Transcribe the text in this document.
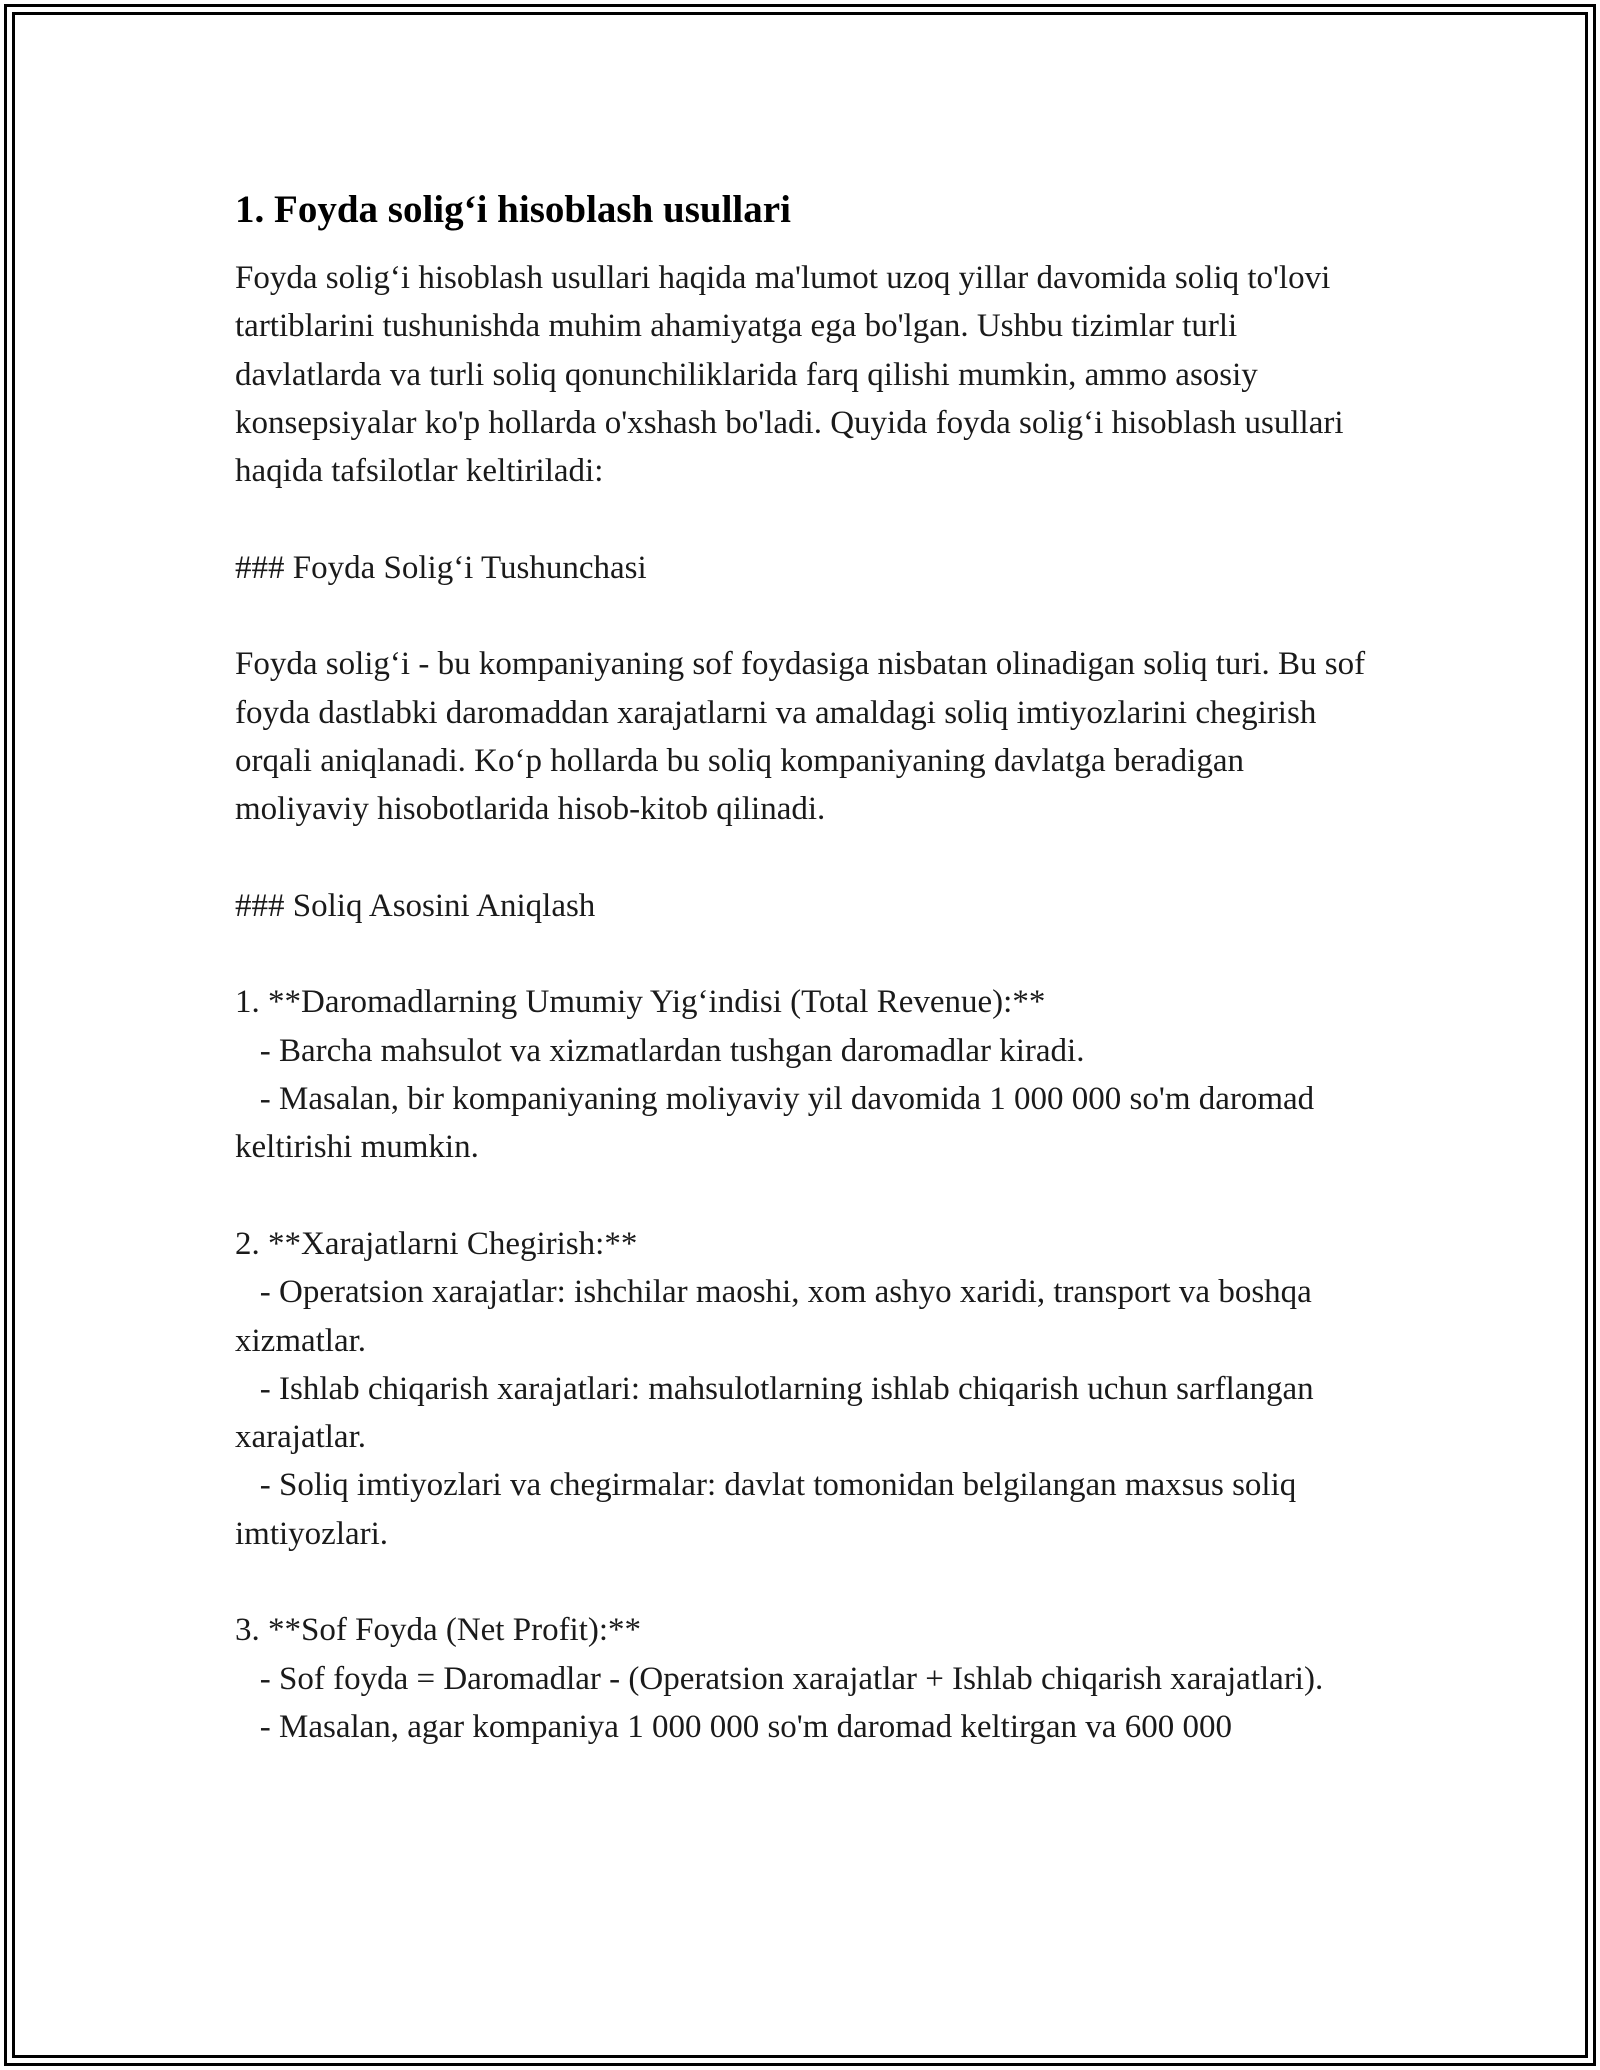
1. Foyda solig‘i hisoblash usullari

Foyda solig‘i hisoblash usullari haqida ma'lumot uzoq yillar davomida soliq to'lovi tartiblarini tushunishda muhim ahamiyatga ega bo'lgan. Ushbu tizimlar turli davlatlarda va turli soliq qonunchiliklarida farq qilishi mumkin, ammo asosiy konsepsiyalar ko'p hollarda o'xshash bo'ladi. Quyida foyda solig‘i hisoblash usullari haqida tafsilotlar keltiriladi:

### Foyda Solig‘i Tushunchasi

Foyda solig‘i - bu kompaniyaning sof foydasiga nisbatan olinadigan soliq turi. Bu sof foyda dastlabki daromaddan xarajatlarni va amaldagi soliq imtiyozlarini chegirish orqali aniqlanadi. Ko‘p hollarda bu soliq kompaniyaning davlatga beradigan moliyaviy hisobotlarida hisob-kitob qilinadi.

### Soliq Asosini Aniqlash

1. **Daromadlarning Umumiy Yig‘indisi (Total Revenue):**

- Barcha mahsulot va xizmatlardan tushgan daromadlar kiradi.

- Masalan, bir kompaniyaning moliyaviy yil davomida 1 000 000 so'm daromad keltirishi mumkin.

2. **Xarajatlarni Chegirish:**

- Operatsion xarajatlar: ishchilar maoshi, xom ashyo xaridi, transport va boshqa xizmatlar.

- Ishlab chiqarish xarajatlari: mahsulotlarning ishlab chiqarish uchun sarflangan xarajatlar.

- Soliq imtiyozlari va chegirmalar: davlat tomonidan belgilangan maxsus soliq imtiyozlari.

3. **Sof Foyda (Net Profit):**

- Sof foyda = Daromadlar - (Operatsion xarajatlar + Ishlab chiqarish xarajatlari).

- Masalan, agar kompaniya 1 000 000 so'm daromad keltirgan va 600 000
